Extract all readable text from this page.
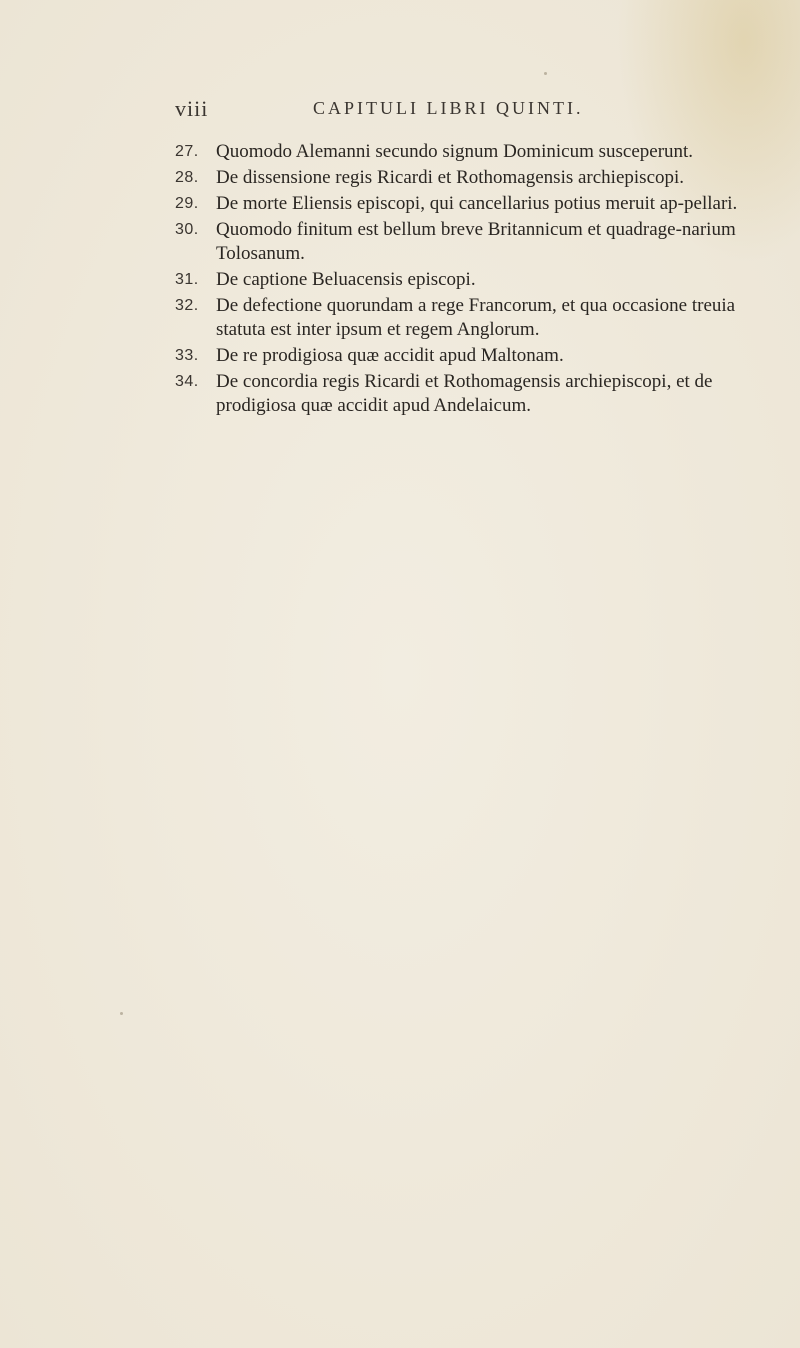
viii	CAPITULI LIBRI QUINTI.
27. Quomodo Alemanni secundo signum Dominicum susceperunt.
28. De dissensione regis Ricardi et Rothomagensis archiepiscopi.
29. De morte Eliensis episcopi, qui cancellarius potius meruit ap-pellari.
30. Quomodo finitum est bellum breve Britannicum et quadrage-narium Tolosanum.
31. De captione Beluacensis episcopi.
32. De defectione quorundam a rege Francorum, et qua occasione treuia statuta est inter ipsum et regem Anglorum.
33. De re prodigiosa quæ accidit apud Maltonam.
34. De concordia regis Ricardi et Rothomagensis archiepiscopi, et de prodigiosa quæ accidit apud Andelaicum.
